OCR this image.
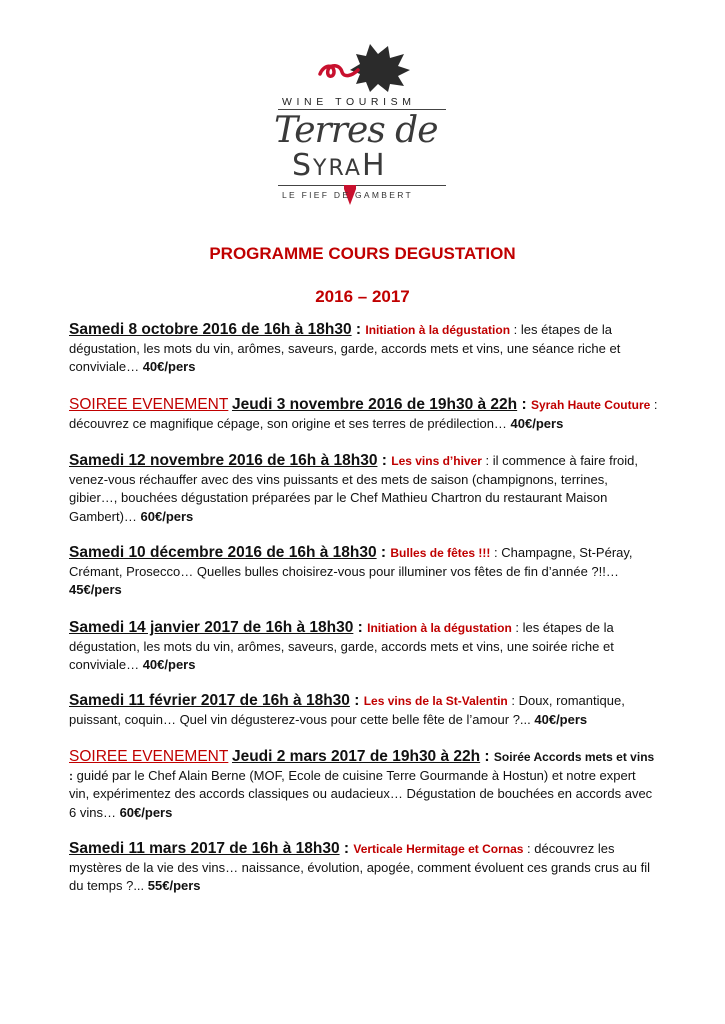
WINE TOURISM
Terres de
SYRAH
LE FIEF DE GAMBERT
PROGRAMME COURS DEGUSTATION
2016 – 2017
Samedi 8 octobre 2016 de 16h à 18h30 : Initiation à la dégustation : les étapes de la dégustation, les mots du vin, arômes, saveurs, garde, accords mets et vins, une séance riche et conviviale… 40€/pers
SOIREE EVENEMENT Jeudi 3 novembre 2016 de 19h30 à 22h : Syrah Haute Couture : découvrez ce magnifique cépage, son origine et ses terres de prédilection… 40€/pers
Samedi 12 novembre 2016 de 16h à 18h30 : Les vins d’hiver : il commence à faire froid, venez-vous réchauffer avec des vins puissants et des mets de saison (champignons, terrines, gibier…, bouchées dégustation préparées par le Chef Mathieu Chartron du restaurant Maison Gambert)… 60€/pers
Samedi 10 décembre 2016 de 16h à 18h30 : Bulles de fêtes !!! : Champagne, St-Péray, Crémant, Prosecco… Quelles bulles choisirez-vous pour illuminer vos fêtes de fin d’année ?!!… 45€/pers
Samedi 14 janvier 2017 de 16h à 18h30 : Initiation à la dégustation : les étapes de la dégustation, les mots du vin, arômes, saveurs, garde, accords mets et vins, une soirée riche et conviviale… 40€/pers
Samedi 11 février 2017 de 16h à 18h30 : Les vins de la St-Valentin : Doux, romantique, puissant, coquin… Quel vin dégusterez-vous pour cette belle fête de l’amour ?... 40€/pers
SOIREE EVENEMENT Jeudi 2 mars 2017 de 19h30 à 22h : Soirée Accords mets et vins : guidé par le Chef Alain Berne (MOF, Ecole de cuisine Terre Gourmande à Hostun) et notre expert vin, expérimentez des accords classiques ou audacieux… Dégustation de bouchées en accords avec 6 vins… 60€/pers
Samedi 11 mars 2017 de 16h à 18h30 : Verticale Hermitage et Cornas : découvrez les mystères de la vie des vins… naissance, évolution, apogée, comment évoluent ces grands crus au fil du temps ?... 55€/pers
